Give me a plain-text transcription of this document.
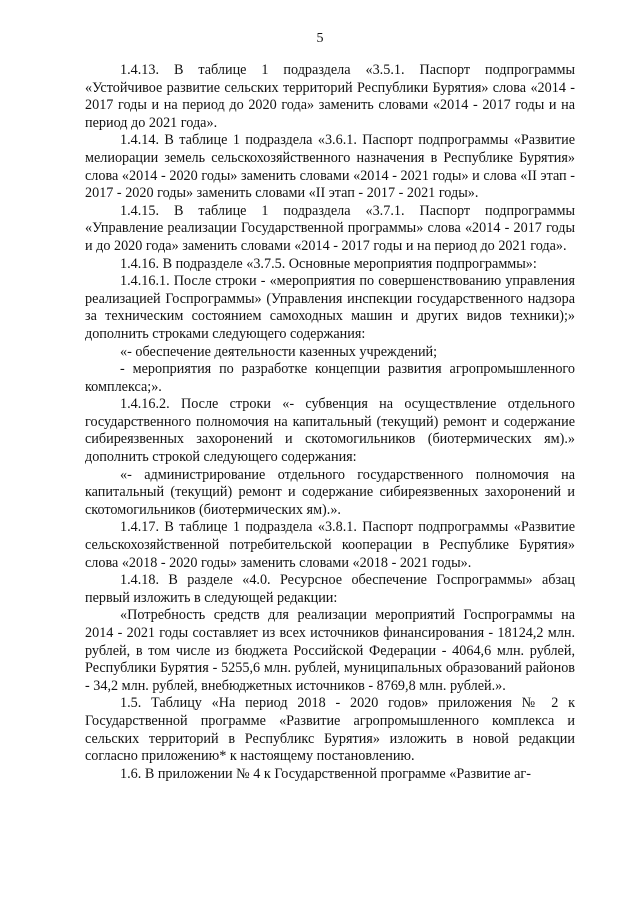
5

1.4.13. В таблице 1 подраздела «3.5.1. Паспорт подпрограммы «Устойчивое развитие сельских территорий Республики Бурятия» слова «2014 - 2017 годы и на период до 2020 года» заменить словами «2014 - 2017 годы и на период до 2021 года».

1.4.14. В таблице 1 подраздела «3.6.1. Паспорт подпрограммы «Развитие мелиорации земель сельскохозяйственного назначения в Республике Бурятия» слова «2014 - 2020 годы» заменить словами «2014 - 2021 годы» и слова «II этап - 2017 - 2020 годы» заменить словами «II этап - 2017 - 2021 годы».

1.4.15. В таблице 1 подраздела «3.7.1. Паспорт подпрограммы «Управление реализации Государственной программы» слова «2014 - 2017 годы и до 2020 года» заменить словами «2014 - 2017 годы и на период до 2021 года».

1.4.16. В подразделе «3.7.5. Основные мероприятия подпрограммы»:

1.4.16.1. После строки - «мероприятия по совершенствованию управления реализацией Госпрограммы» (Управления инспекции государственного надзора за техническим состоянием самоходных машин и других видов техники);» дополнить строками следующего содержания:

«- обеспечение деятельности казенных учреждений;

- мероприятия по разработке концепции развития агропромышленного комплекса;».

1.4.16.2. После строки «- субвенция на осуществление отдельного государственного полномочия на капитальный (текущий) ремонт и содержание сибиреязвенных захоронений и скотомогильников (биотермических ям).» дополнить строкой следующего содержания:

«- администрирование отдельного государственного полномочия на капитальный (текущий) ремонт и содержание сибиреязвенных захоронений и скотомогильников (биотермических ям).».

1.4.17. В таблице 1 подраздела «3.8.1. Паспорт подпрограммы «Развитие сельскохозяйственной потребительской кооперации в Республике Бурятия» слова «2018 - 2020 годы» заменить словами «2018 - 2021 годы».

1.4.18. В разделе «4.0. Ресурсное обеспечение Госпрограммы» абзац первый изложить в следующей редакции:

«Потребность средств для реализации мероприятий Госпрограммы на 2014 - 2021 годы составляет из всех источников финансирования - 18124,2 млн. рублей, в том числе из бюджета Российской Федерации - 4064,6 млн. рублей, Республики Бурятия - 5255,6 млн. рублей, муниципальных образований районов - 34,2 млн. рублей, внебюджетных источников - 8769,8 млн. рублей.».

1.5. Таблицу «На период 2018 - 2020 годов» приложения № 2 к Государственной программе «Развитие агропромышленного комплекса и сельских территорий в Республикс Бурятия» изложить в новой редакции согласно приложению* к настоящему постановлению.

1.6. В приложении № 4 к Государственной программе «Развитие аг-
